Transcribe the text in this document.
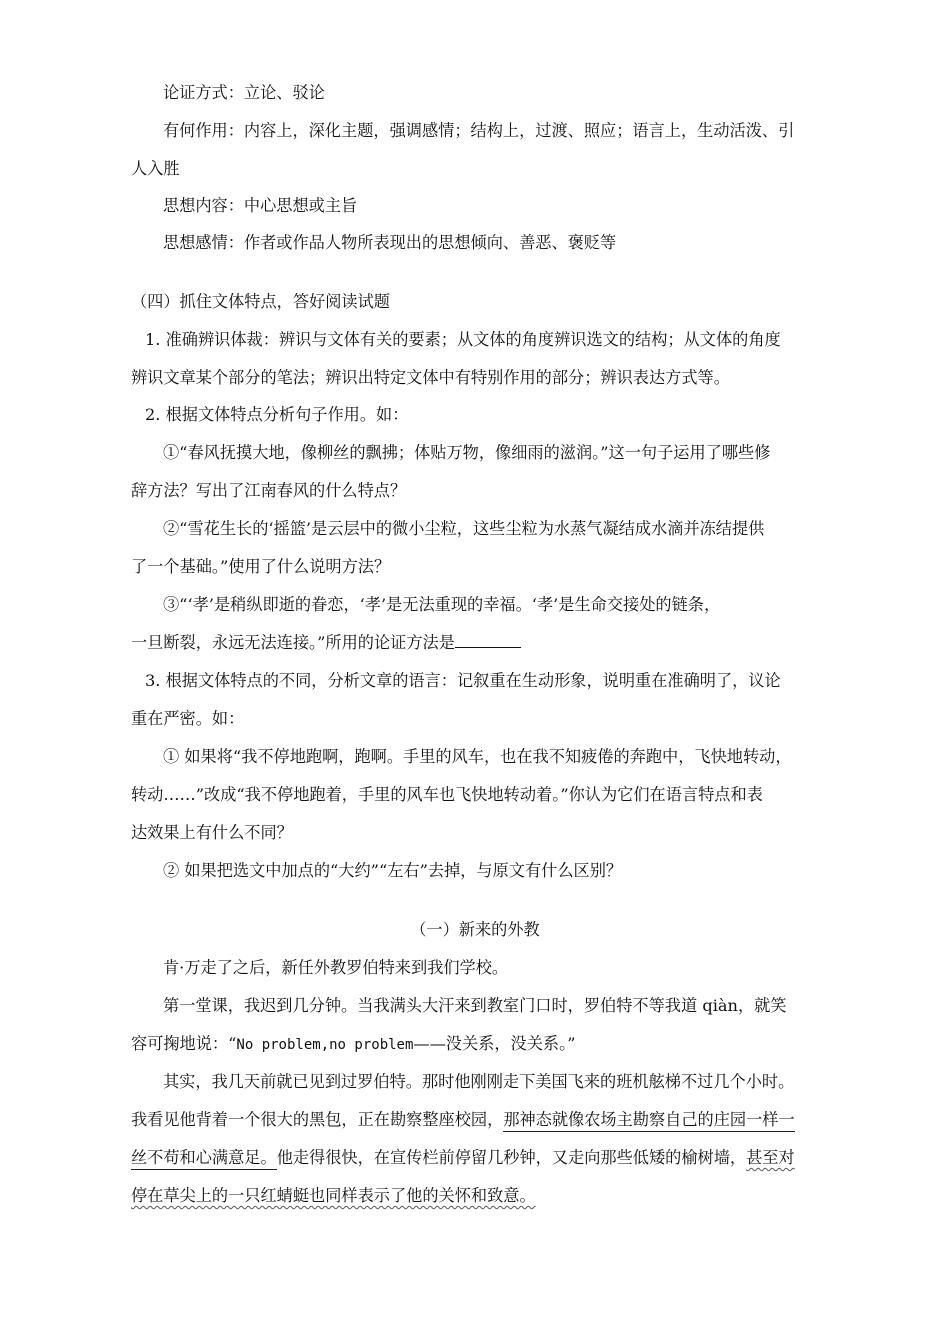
论证方式：立论、驳论
有何作用：内容上，深化主题，强调感情；结构上，过渡、照应；语言上，生动活泼、引
人入胜
思想内容：中心思想或主旨
思想感情：作者或作品人物所表现出的思想倾向、善恶、褒贬等
（四）抓住文体特点，答好阅读试题
1. 准确辨识体裁：辨识与文体有关的要素；从文体的角度辨识选文的结构；从文体的角度
辨识文章某个部分的笔法；辨识出特定文体中有特别作用的部分；辨识表达方式等。
2. 根据文体特点分析句子作用。如：
①“春风抚摸大地，像柳丝的飘拂；体贴万物，像细雨的滋润。”这一句子运用了哪些修
辞方法？写出了江南春风的什么特点？
②“雪花生长的‘摇篮’是云层中的微小尘粒，这些尘粒为水蒸气凝结成水滴并冻结提供
了一个基础。”使用了什么说明方法？
③“‘孝’是稍纵即逝的眷恋，‘孝’是无法重现的幸福。‘孝’是生命交接处的链条，
一旦断裂，永远无法连接。”所用的论证方法是
3. 根据文体特点的不同，分析文章的语言：记叙重在生动形象，说明重在准确明了，议论
重在严密。如：
① 如果将“我不停地跑啊，跑啊。手里的风车，也在我不知疲倦的奔跑中，飞快地转动，
转动……”改成“我不停地跑着，手里的风车也飞快地转动着。”你认为它们在语言特点和表
达效果上有什么不同？
② 如果把选文中加点的“大约”“左右”去掉，与原文有什么区别？
（一）新来的外教
肯·万走了之后，新任外教罗伯特来到我们学校。
第一堂课，我迟到几分钟。当我满头大汗来到教室门口时，罗伯特不等我道 qiàn，就笑
容可掬地说：“No problem,no problem——没关系，没关系。”
其实，我几天前就已见到过罗伯特。那时他刚刚走下美国飞来的班机舷梯不过几个小时。
我看见他背着一个很大的黑包，正在勘察整座校园，那神态就像农场主勘察自己的庄园一样一
丝不苟和心满意足。他走得很快，在宣传栏前停留几秒钟，又走向那些低矮的榆树墙，甚至对
停在草尖上的一只红蜻蜓也同样表示了他的关怀和致意。
